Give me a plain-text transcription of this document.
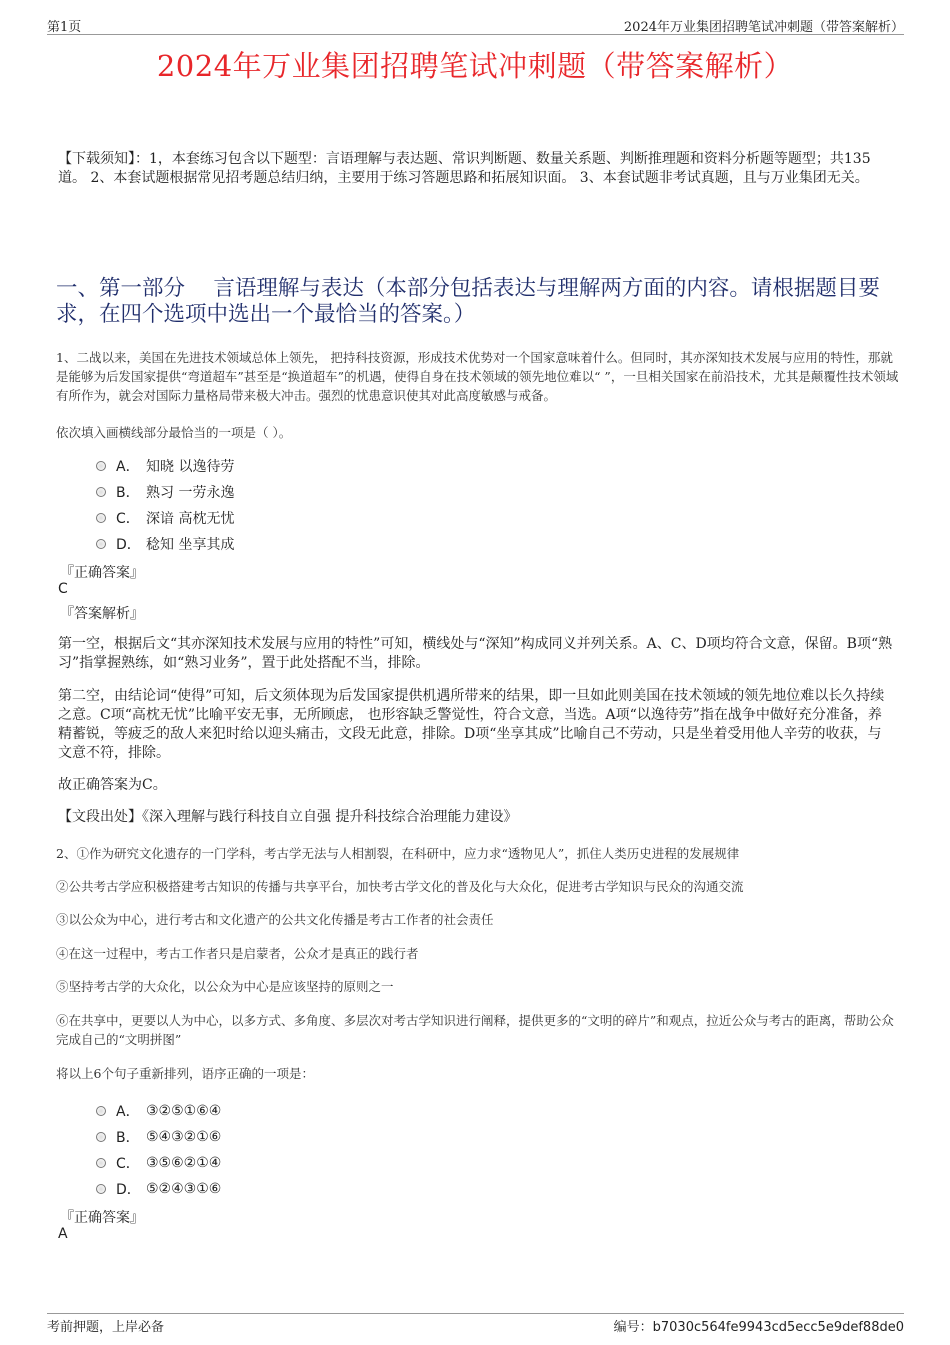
第1页	2024年万业集团招聘笔试冲刺题（带答案解析）
2024年万业集团招聘笔试冲刺题（带答案解析）
【下载须知】：1，本套练习包含以下题型：言语理解与表达题、常识判断题、数量关系题、判断推理题和资料分析题等题型；共135道。 2、本套试题根据常见招考题总结归纳，主要用于练习答题思路和拓展知识面。 3、本套试题非考试真题，且与万业集团无关。
一、第一部分　 言语理解与表达（本部分包括表达与理解两方面的内容。请根据题目要求，在四个选项中选出一个最恰当的答案。）
1、二战以来，美国在先进技术领域总体上领先， 把持科技资源，形成技术优势对一个国家意味着什么。但同时，其亦深知技术发展与应用的特性，那就是能够为后发国家提供“弯道超车”甚至是“换道超车”的机遇，使得自身在技术领域的领先地位难以“ ”，一旦相关国家在前沿技术，尤其是颠覆性技术领域有所作为，就会对国际力量格局带来极大冲击。强烈的忧患意识使其对此高度敏感与戒备。
依次填入画横线部分最恰当的一项是（ ）。
A． 知晓 以逸待劳
B． 熟习 一劳永逸
C． 深谙 高枕无忧
D． 稔知 坐享其成
『正确答案』
C
『答案解析』
第一空，根据后文“其亦深知技术发展与应用的特性”可知，横线处与“深知”构成同义并列关系。A、C、D项均符合文意，保留。B项“熟习”指掌握熟练，如“熟习业务”，置于此处搭配不当，排除。
第二空，由结论词“使得”可知，后文须体现为后发国家提供机遇所带来的结果，即一旦如此则美国在技术领域的领先地位难以长久持续之意。C项“高枕无忧”比喻平安无事，无所顾虑， 也形容缺乏警觉性，符合文意，当选。A项“以逸待劳”指在战争中做好充分准备，养精蓄锐，等疲乏的敌人来犯时给以迎头痛击，文段无此意，排除。D项“坐享其成”比喻自己不劳动，只是坐着受用他人辛劳的收获，与文意不符，排除。
故正确答案为C。
【文段出处】《深入理解与践行科技自立自强 提升科技综合治理能力建设》
2、①作为研究文化遗存的一门学科，考古学无法与人相割裂，在科研中，应力求“透物见人”，抓住人类历史进程的发展规律
②公共考古学应积极搭建考古知识的传播与共享平台，加快考古学文化的普及化与大众化，促进考古学知识与民众的沟通交流
③以公众为中心，进行考古和文化遗产的公共文化传播是考古工作者的社会责任
④在这一过程中，考古工作者只是启蒙者，公众才是真正的践行者
⑤坚持考古学的大众化，以公众为中心是应该坚持的原则之一
⑥在共享中，更要以人为中心，以多方式、多角度、多层次对考古学知识进行阐释，提供更多的“文明的碎片”和观点，拉近公众与考古的距离，帮助公众完成自己的“文明拼图”
将以上6个句子重新排列，语序正确的一项是：
A． ③②⑤①⑥④
B． ⑤④③②①⑥
C． ③⑤⑥②①④
D． ⑤②④③①⑥
『正确答案』
A
考前押题，上岸必备	编号：b7030c564fe9943cd5ecc5e9def88de0
